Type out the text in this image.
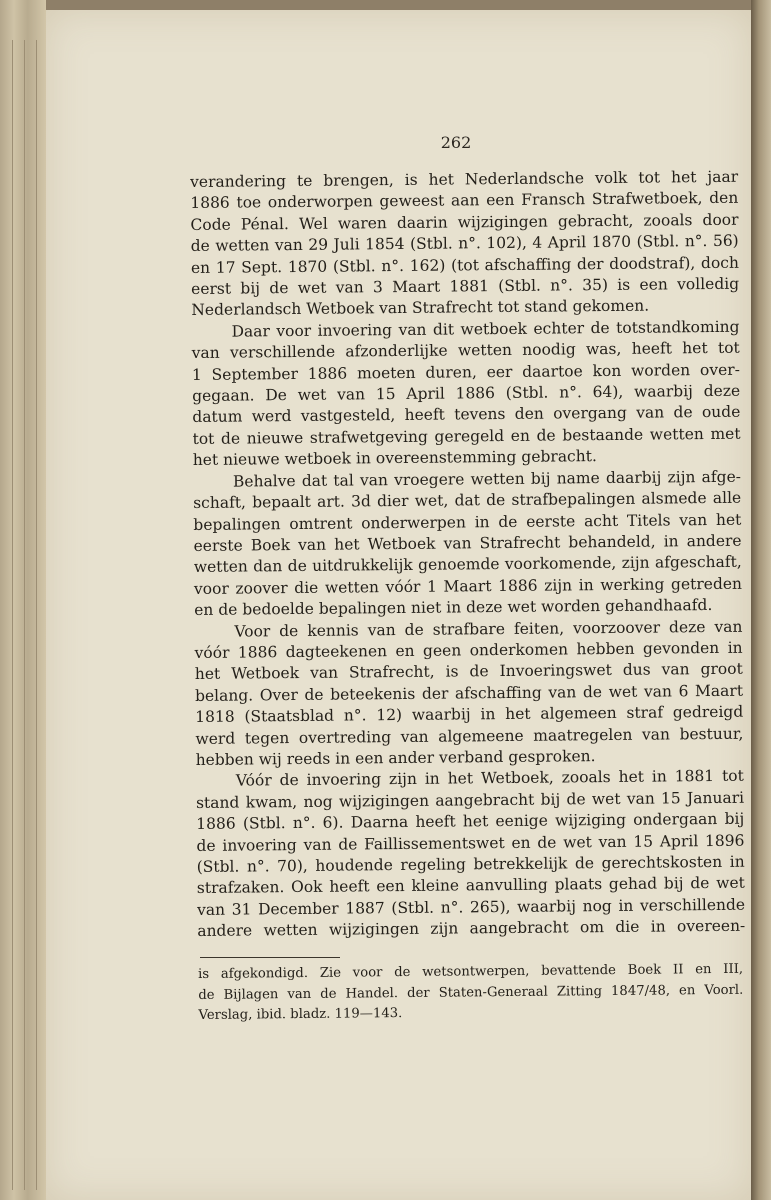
262
verandering te brengen, is het Nederlandsche volk tot het jaar
1886 toe onderworpen geweest aan een Fransch Strafwetboek, den
Code Pénal. Wel waren daarin wijzigingen gebracht, zooals door
de wetten van 29 Juli 1854 (Stbl. n°. 102), 4 April 1870 (Stbl. n°. 56)
en 17 Sept. 1870 (Stbl. n°. 162) (tot afschaffing der doodstraf), doch
eerst bij de wet van 3 Maart 1881 (Stbl. n°. 35) is een volledig
Nederlandsch Wetboek van Strafrecht tot stand gekomen.
Daar voor invoering van dit wetboek echter de totstandkoming
van verschillende afzonderlijke wetten noodig was, heeft het tot
1 September 1886 moeten duren, eer daartoe kon worden over-
gegaan. De wet van 15 April 1886 (Stbl. n°. 64), waarbij deze
datum werd vastgesteld, heeft tevens den overgang van de oude
tot de nieuwe strafwetgeving geregeld en de bestaande wetten met
het nieuwe wetboek in overeenstemming gebracht.
Behalve dat tal van vroegere wetten bij name daarbij zijn afge-
schaft, bepaalt art. 3d dier wet, dat de strafbepalingen alsmede alle
bepalingen omtrent onderwerpen in de eerste acht Titels van het
eerste Boek van het Wetboek van Strafrecht behandeld, in andere
wetten dan de uitdrukkelijk genoemde voorkomende, zijn afgeschaft,
voor zoover die wetten vóór 1 Maart 1886 zijn in werking getreden
en de bedoelde bepalingen niet in deze wet worden gehandhaafd.
Voor de kennis van de strafbare feiten, voorzoover deze van
vóór 1886 dagteekenen en geen onderkomen hebben gevonden in
het Wetboek van Strafrecht, is de Invoeringswet dus van groot
belang. Over de beteekenis der afschaffing van de wet van 6 Maart
1818 (Staatsblad n°. 12) waarbij in het algemeen straf gedreigd
werd tegen overtreding van algemeene maatregelen van bestuur,
hebben wij reeds in een ander verband gesproken.
Vóór de invoering zijn in het Wetboek, zooals het in 1881 tot
stand kwam, nog wijzigingen aangebracht bij de wet van 15 Januari
1886 (Stbl. n°. 6). Daarna heeft het eenige wijziging ondergaan bij
de invoering van de Faillissementswet en de wet van 15 April 1896
(Stbl. n°. 70), houdende regeling betrekkelijk de gerechtskosten in
strafzaken. Ook heeft een kleine aanvulling plaats gehad bij de wet
van 31 December 1887 (Stbl. n°. 265), waarbij nog in verschillende
andere wetten wijzigingen zijn aangebracht om die in overeen-
is afgekondigd. Zie voor de wetsontwerpen, bevattende Boek II en III,
de Bijlagen van de Handel. der Staten-Generaal Zitting 1847/48, en Voorl.
Verslag, ibid. bladz. 119—143.
